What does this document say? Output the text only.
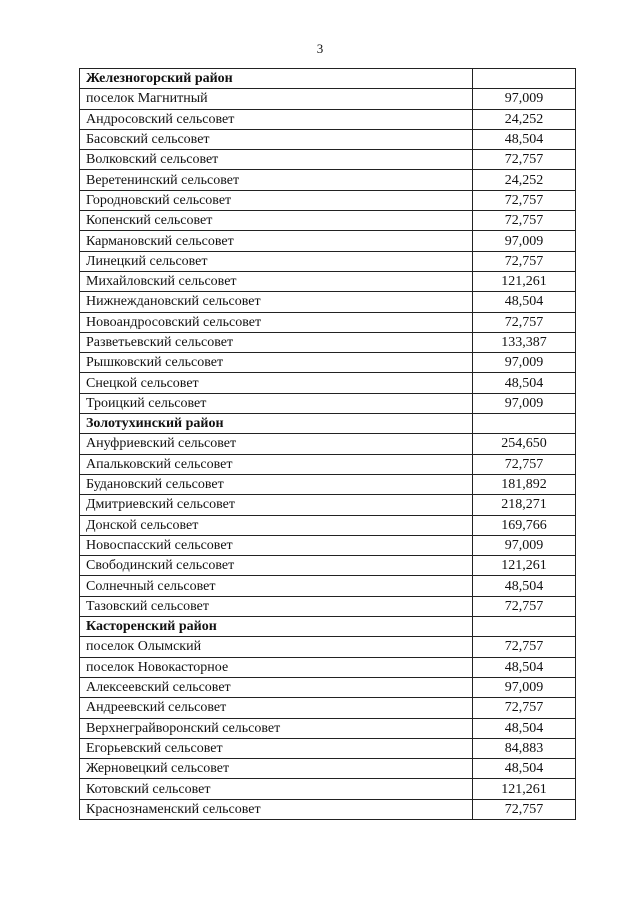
3
Железногорский район	
поселок Магнитный	97,009
Андросовский сельсовет	24,252
Басовский сельсовет	48,504
Волковский сельсовет	72,757
Веретенинский сельсовет	24,252
Городновский сельсовет	72,757
Копенский сельсовет	72,757
Кармановский сельсовет	97,009
Линецкий сельсовет	72,757
Михайловский сельсовет	121,261
Нижнеждановский сельсовет	48,504
Новоандросовский сельсовет	72,757
Разветьевский сельсовет	133,387
Рышковский сельсовет	97,009
Снецкой сельсовет	48,504
Троицкий сельсовет	97,009
Золотухинский район	
Ануфриевский сельсовет	254,650
Апальковский сельсовет	72,757
Будановский сельсовет	181,892
Дмитриевский сельсовет	218,271
Донской сельсовет	169,766
Новоспасский сельсовет	97,009
Свободинский сельсовет	121,261
Солнечный сельсовет	48,504
Тазовский сельсовет	72,757
Касторенский район	
поселок Олымский	72,757
поселок Новокасторное	48,504
Алексеевский сельсовет	97,009
Андреевский сельсовет	72,757
Верхнеграйворонский сельсовет	48,504
Егорьевский сельсовет	84,883
Жерновецкий сельсовет	48,504
Котовский сельсовет	121,261
Краснознаменский сельсовет	72,757
